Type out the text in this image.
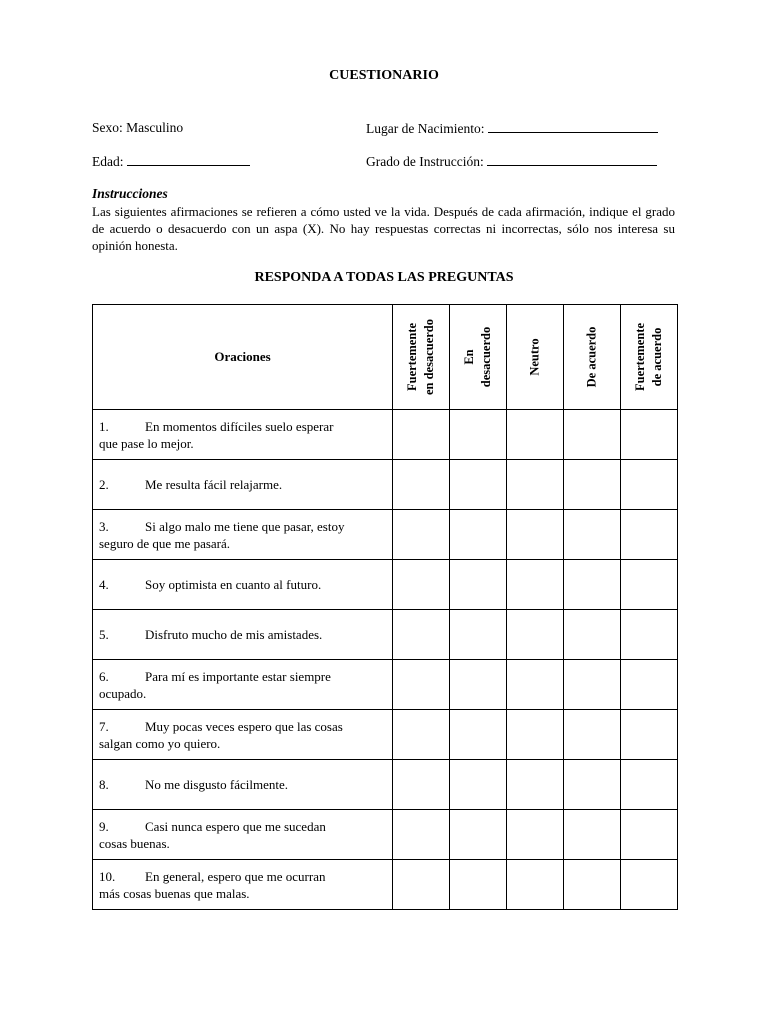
CUESTIONARIO
Sexo: Masculino	Lugar de Nacimiento:
Edad:	Grado de Instrucción:
Instrucciones
Las siguientes afirmaciones se refieren a cómo usted ve la vida. Después de cada afirmación, indique el grado de acuerdo o desacuerdo con un aspa (X). No hay respuestas correctas ni incorrectas, sólo nos interesa su opinión honesta.
RESPONDA A TODAS LAS PREGUNTAS
Oraciones	Fuertemente en desacuerdo	En desacuerdo	Neutro	De acuerdo	Fuertemente de acuerdo

1. En momentos difíciles suelo esperar
que pase lo mejor.					

2. Me resulta fácil relajarme.					

3. Si algo malo me tiene que pasar, estoy
seguro de que me pasará.					

4. Soy optimista en cuanto al futuro.					

5. Disfruto mucho de mis amistades.					

6. Para mí es importante estar siempre
ocupado.					

7. Muy pocas veces espero que las cosas
salgan como yo quiero.					

8. No me disgusto fácilmente.					

9. Casi nunca espero que me sucedan
cosas buenas.					

10. En general, espero que me ocurran
más cosas buenas que malas.					
